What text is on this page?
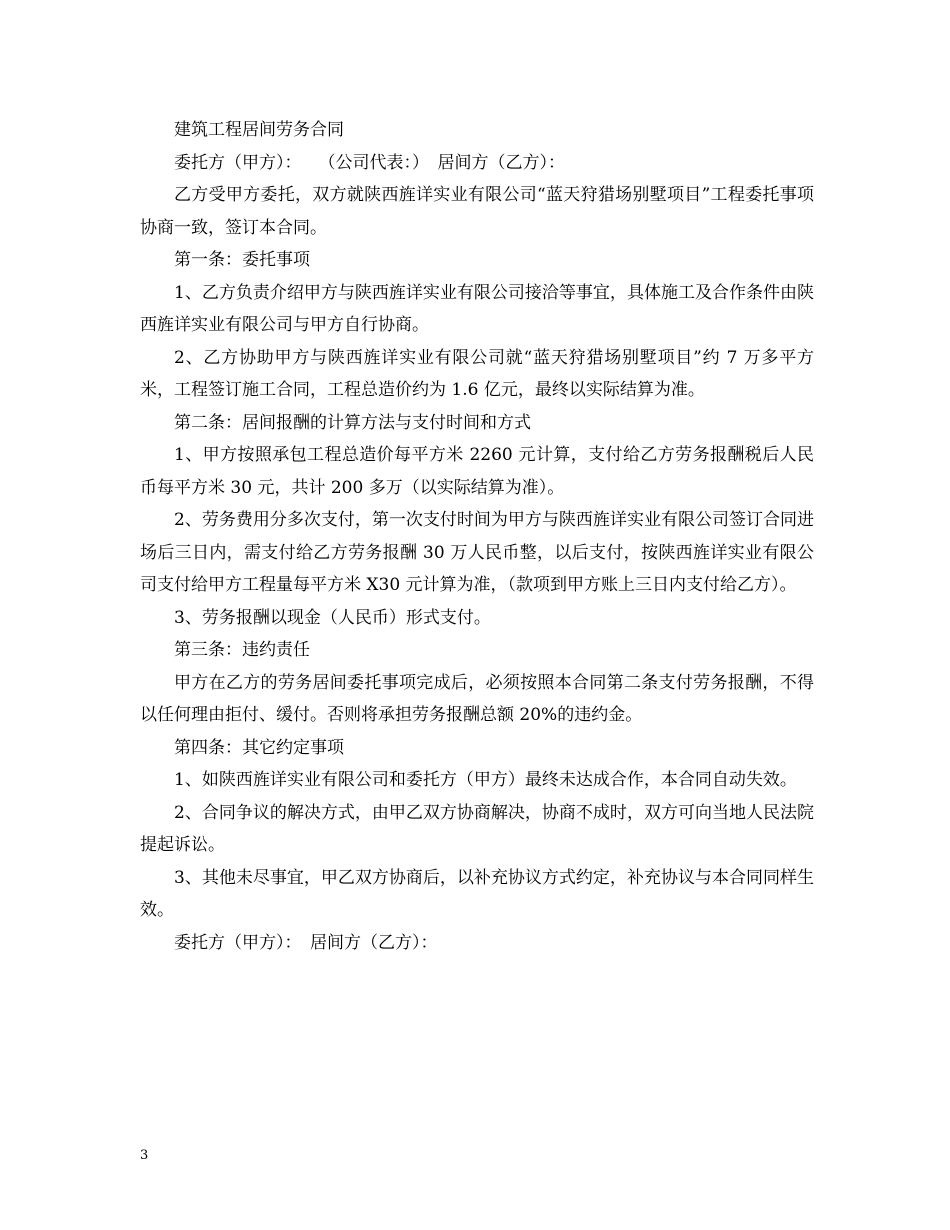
建筑工程居间劳务合同

委托方（甲方）：　　（公司代表：）　居间方（乙方）：

乙方受甲方委托，双方就陕西旌详实业有限公司“蓝天狩猎场别墅项目”工程委托事项协商一致，签订本合同。

第一条：委托事项

1、乙方负责介绍甲方与陕西旌详实业有限公司接洽等事宜，具体施工及合作条件由陕西旌详实业有限公司与甲方自行协商。

2、乙方协助甲方与陕西旌详实业有限公司就“蓝天狩猎场别墅项目”约 7 万多平方米，工程签订施工合同，工程总造价约为 1.6 亿元，最终以实际结算为准。

第二条：居间报酬的计算方法与支付时间和方式

1、甲方按照承包工程总造价每平方米 2260 元计算，支付给乙方劳务报酬税后人民币每平方米 30 元，共计 200 多万（以实际结算为准）。

2、劳务费用分多次支付，第一次支付时间为甲方与陕西旌详实业有限公司签订合同进场后三日内，需支付给乙方劳务报酬 30 万人民币整，以后支付，按陕西旌详实业有限公司支付给甲方工程量每平方米 X30 元计算为准，（款项到甲方账上三日内支付给乙方）。

3、劳务报酬以现金（人民币）形式支付。

第三条：违约责任

甲方在乙方的劳务居间委托事项完成后，必须按照本合同第二条支付劳务报酬，不得以任何理由拒付、缓付。否则将承担劳务报酬总额 20%的违约金。

第四条：其它约定事项

1、如陕西旌详实业有限公司和委托方（甲方）最终未达成合作，本合同自动失效。

2、合同争议的解决方式，由甲乙双方协商解决，协商不成时，双方可向当地人民法院提起诉讼。

3、其他未尽事宜，甲乙双方协商后，以补充协议方式约定，补充协议与本合同同样生效。

委托方（甲方）：　居间方（乙方）：

3
